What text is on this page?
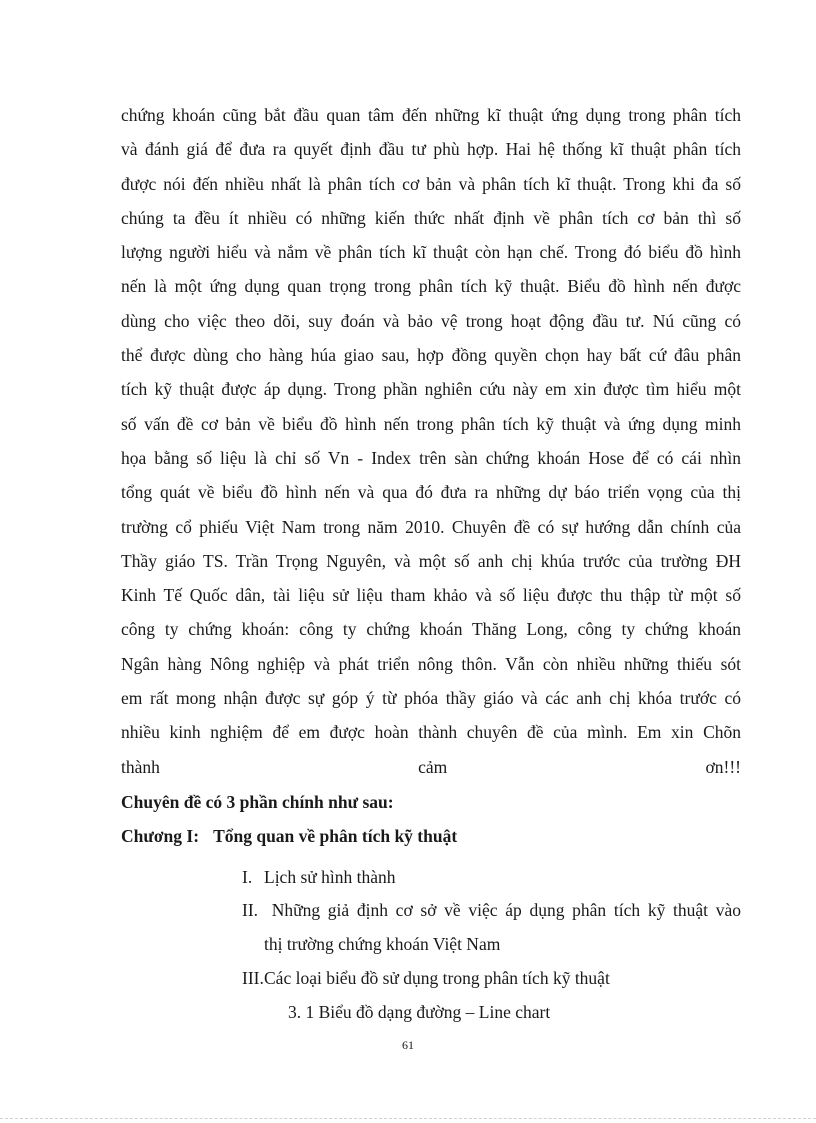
chứng khoán cũng bắt đầu quan tâm đến những kĩ thuật ứng dụng trong phân tích
và đánh giá để đưa ra quyết định đầu tư phù hợp. Hai hệ thống kĩ thuật phân tích
được nói đến nhiều nhất là phân tích cơ bản và phân tích kĩ thuật. Trong khi đa số
chúng ta đều ít nhiều có những kiến thức nhất định về phân tích cơ bản thì số
lượng người hiểu và nắm về phân tích kĩ thuật còn hạn chế. Trong đó biểu đồ hình
nến là một ứng dụng quan trọng trong phân tích kỹ thuật. Biểu đồ hình nến được
dùng cho việc theo dõi, suy đoán và bảo vệ trong hoạt động đầu tư. Nú cũng có
thể được dùng cho hàng húa giao sau, hợp đồng quyền chọn hay bất cứ đâu phân
tích kỹ thuật được áp dụng. Trong phần nghiên cứu này em xin được tìm hiểu một
số vấn đề cơ bản về biểu đồ hình nến trong phân tích kỹ thuật và ứng dụng minh
họa bằng số liệu là chỉ số Vn - Index trên sàn chứng khoán Hose để có cái nhìn
tổng quát về biểu đồ hình nến và qua đó đưa ra những dự báo triển vọng của thị
trường cổ phiếu Việt Nam trong năm 2010. Chuyên đề có sự hướng dẫn chính của
Thầy giáo TS. Trần Trọng Nguyên, và một số anh chị khúa trước của trường ĐH
Kinh Tế Quốc dân, tài liệu sử liệu tham khảo và số liệu được thu thập từ một số
công ty chứng khoán: công ty chứng khoán Thăng Long, công ty chứng khoán
Ngân hàng Nông nghiệp và phát triển nông thôn. Vẫn còn nhiều những thiếu sót
em rất mong nhận được sự góp ý từ phóa thầy giáo và các anh chị khóa trước có
nhiều kinh nghiệm để em được hoàn thành chuyên đề của mình. Em xin Chõn
thành cảm ơn!!!
Chuyên đề có 3 phần chính như sau:
Chương I: Tổng quan về phân tích kỹ thuật
I. Lịch sử hình thành
II. Những giả định cơ sở về việc áp dụng phân tích kỹ thuật vào
thị trường chứng khoán Việt Nam
III.Các loại biểu đồ sử dụng trong phân tích kỹ thuật
3. 1 Biểu đồ dạng đường – Line chart
61
